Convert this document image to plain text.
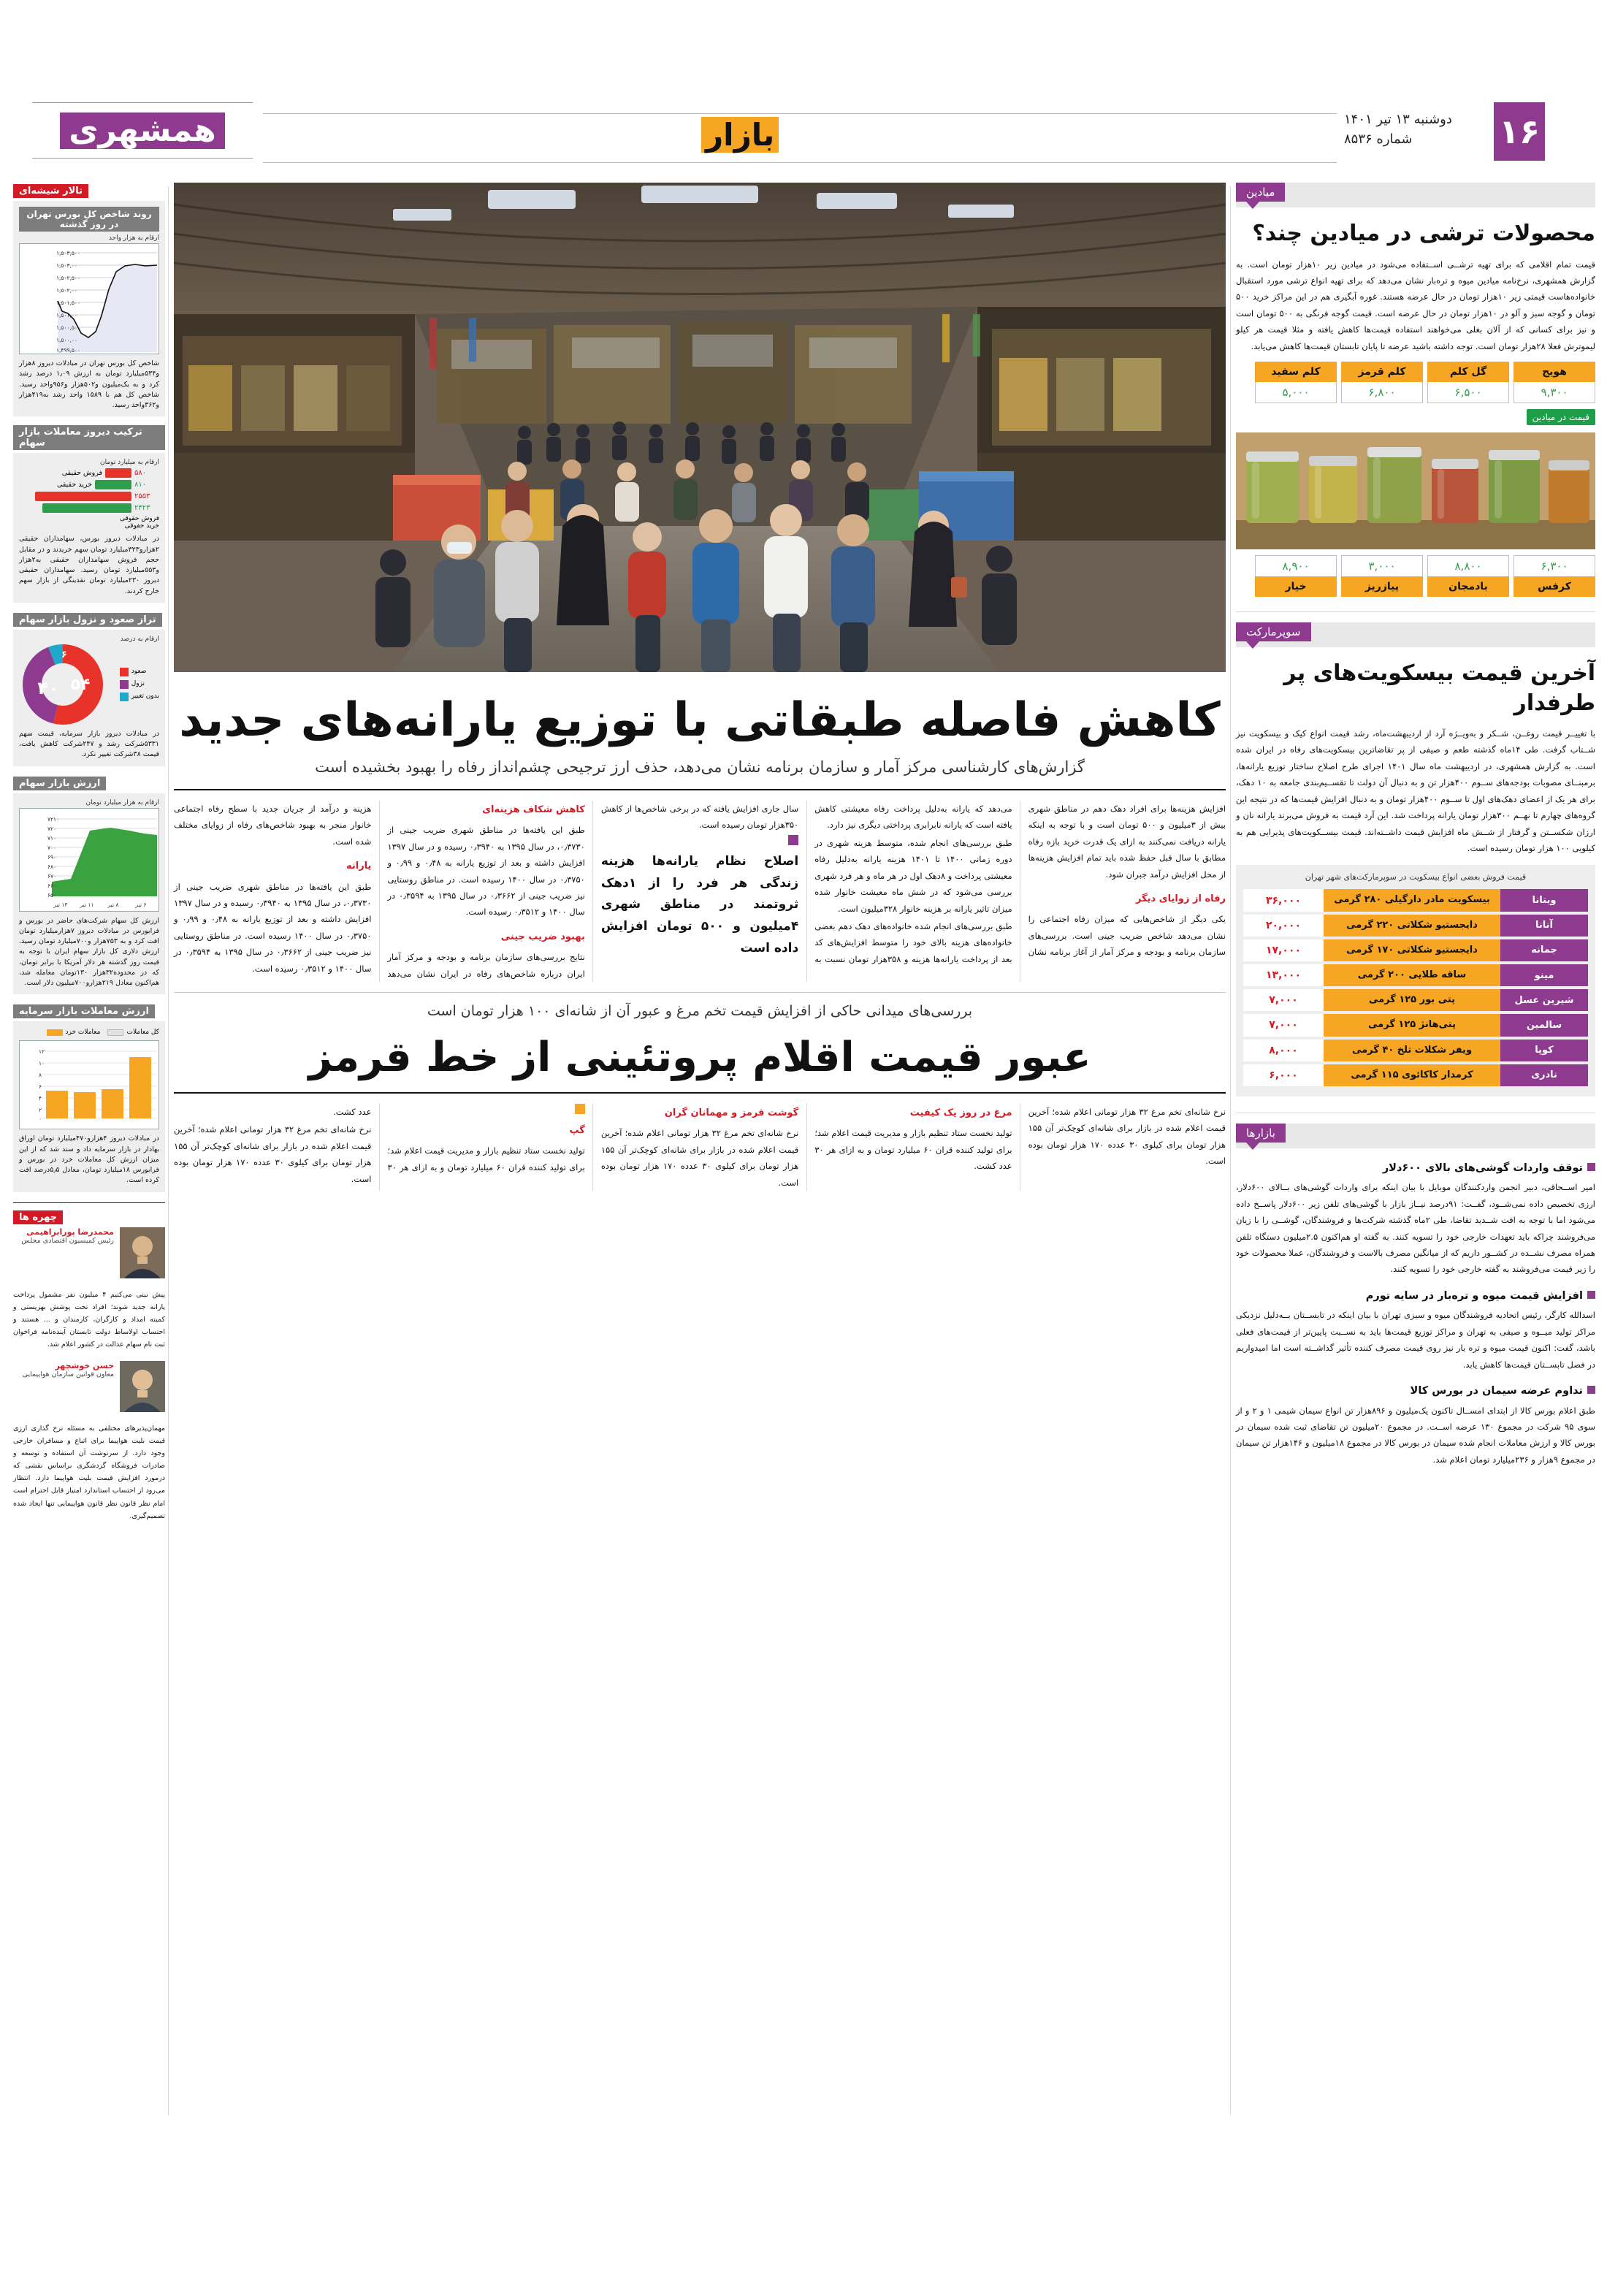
همشهری	بازار	دوشنبه ۱۳ تیر ۱۴۰۱
شماره ۸۵۳۶	۱۶
تالار شیشه‌ای
روند شاخص کل بورس تهران در روز گذشته
ارقام به هزار واحد
۱,۵۰۳,۵۰۰
۱,۵۰۳,۰۰
۱,۵۰۲,۵۰۰
۱,۵۰۲,۰۰
۱,۵۰۱,۵۰۰
۱,۵۰۱,۰۰
۱,۵۰۰,۵۰۰
۱,۵۰۰,۰۰
۱,۴۹۹,۵۰۰
شاخص کل بورس تهران در مبادلات دیروز ۸هزار و۵۳۴میلیارد تومان به ارزش ۱٫۰۹ درصد رشد کرد و به یک‌میلیون و۵۰۲هزار و۹۵۶واحد رسید. شاخص کل هم با ۱۵۸۹ واحد رشد به۴۱۹هزار و۳۶۲واحد رسید.
ترکیب دیروز معاملات بازار سهام
ارقام به میلیارد تومان
۵۸۰
فروش حقیقی
۸۱۰
خرید حقیقی
۲۵۵۳
۲۳۲۳
فروش حقوقی
خرید حقوقی
در مبادلات دیروز بورس، سهامداران حقیقی ۲هزارو۳۲۳میلیارد تومان سهم خریدند و در مقابل حجم فروش سهامداران حقیقی به۲هزار و۵۵۳میلیارد تومان رسید. سهامداران حقیقی دیروز ۲۳۰میلیارد تومان نقدینگی از بازار سهم خارج کردند.
تراز صعود و نزول بازار سهام
ارقام به درصد
صعود
نزول
بدون تغییر
۴۰ ۵۴
۶
در مبادلات دیروز بازار سرمایه، قیمت سهم ۵۳۳۱شرکت رشد و ۲۴۷شرکت کاهش یافت، قیمت ۳۸شرکت تغییر نکرد.
ارزش بازار سهام
ارقام به هزار میلیارد تومان
۷۲۱۰
۷۲۰
۷۱۰
۷۰۰
۶۹۰
۶۸۰
۶۷۰
۶۶۰
۶۵۰
۱۳ تیر ۱۱ تیر	۸ تیر	۶ تیر
ارزش کل سهام شرکت‌های حاضر در بورس و فرابورس در مبادلات دیروز ۷هزارمیلیارد تومان افت کرد و به ۷۵۳هزار و۷۰۰میلیارد تومان رسید. ارزش دلاری کل بازار سهام ایران با توجه به قیمت روز گذشته هر دلار آمریکا با برابر تومان، که در محدوده۳۲هزار ۱۳۰تومان معامله شد، هم‌اکنون معادل ۲۱۹هزارو۷۰۰میلیون دلار است.
ارزش معاملات بازار سرمایه
کل معاملات
معاملات خرد
۱۲
۱۰
۸
۶
۴
۲
۰
در مبادلات دیروز ۴هزارو۴۷۰میلیارد تومان اوراق بهادار در بازار سرمایه داد و ستد شد که از این میزان ارزش کل معاملات خرد در بورس و فرابورس ۱۸میلیارد تومان، معادل ۵٫۵درصد افت کرده است.
چهره ها
محمدرضا پورابراهیمی
رئیس کمیسیون اقتصادی مجلس
پیش بینی می‌کنیم ۴ میلیون نفر مشمول پرداخت یارانه جدید شوند؛ افراد تحت پوشش بهزیستی و کمیته امداد و کارگران، کارمندان و ... هستند و احتساب اولاساط دولت تابستان آینده‌نامه فراخوان ثبت نام سهام عدالت در کشور اعلام شد.
حسن خوشچهر
معاون قوانین سازمان هواپیمایی
مهمان‌پذیرهای مختلفی به مسئله نرخ گذاری ارزی قیمت بلیت هواپیما برای اتباع و مسافران خارجی وجود دارد. از سرنوشت آن استفاده و توسعه و صادرات فروشگاه گردشگری براساس نقشی که درمورد افزایش قیمت بلیت هواپیما دارد. انتظار می‌رود از احتساب استاندارد امتیاز قابل احترام است امام نظر قانون نظر قانون هواپیمایی تنها ایجاد شده تصمیم‌گیری.
کاهش فاصله طبقاتی با توزیع یارانه‌های جدید
گزارش‌های کارشناسی مرکز آمار و سازمان برنامه نشان می‌دهد، حذف ارز ترجیحی چشم‌انداز رفاه را بهبود بخشیده است

افزایش هزینه‌ها برای افراد دهک دهم در مناطق شهری بیش از ۳میلیون و ۵۰۰ تومان است و با توجه به اینکه یارانه دریافت نمی‌کنند به ازای یک قدرت خرید بازه رفاه مطابق با سال قبل حفظ شده باید تمام افزایش هزینه‌ها از محل افزایش درآمد جبران شود.

رفاه از زوایای دیگر

یکی دیگر از شاخص‌هایی که میزان رفاه اجتماعی را نشان می‌دهد شاخص ضریب جینی است. بررسی‌های سازمان برنامه و بودجه و مرکز آمار از آغاز برنامه نشان می‌دهد که یارانه به‌دلیل پرداخت رفاه معیشتی کاهش یافته است که یارانه نابرابری پرداختی دیگری نیز دارد.

طبق بررسی‌های انجام شده، متوسط هزینه شهری در دوره زمانی ۱۴۰۰ تا ۱۴۰۱ هزینه یارانه به‌دلیل رفاه معیشتی پرداخت و ۸دهک اول در هر ماه و هر فرد شهری بررسی می‌شود که در شش ماه معیشت خانوار شده میزان تاثیر یارانه بر هزینه خانوار ۳۲۸میلیون است.

طبق بررسی‌های انجام شده خانواده‌های دهک دهم بعضی خانواده‌های هزینه بالای خود را متوسط افزایش‌های کد بعد از پرداخت یارانه‌ها هزینه و ۳۵۸هزار تومان نسبت به سال جاری افزایش یافته که در برخی شاخص‌ها از کاهش ۳۵۰هزار تومان رسیده است.

اصلاح نظام یارانه‌ها هزینه زندگی هر فرد را از ۱دهک ثروتمند در مناطق شهری ۴میلیون و ۵۰۰ تومان افزایش داده است
کاهش شکاف هزینه‌ای

طبق این یافته‌ها در مناطق شهری ضریب جینی از ۰٫۳۷۳۰، در سال ۱۳۹۵ به ۰٫۳۹۴۰ رسیده و در سال ۱۳۹۷ افزایش داشته و بعد از توزیع یارانه به ۰٫۴۸ و ۰٫۹۹ و ۰٫۳۷۵۰ در سال ۱۴۰۰ رسیده است. در مناطق روستایی نیز ضریب جینی از ۰٫۳۶۶۲ در سال ۱۳۹۵ به ۰٫۳۵۹۴ در سال ۱۴۰۰ و ۰٫۳۵۱۲ رسیده است.

بهبود ضریب جینی

نتایج بررسی‌های سازمان برنامه و بودجه و مرکز آمار ایران درباره شاخص‌های رفاه در ایران نشان می‌دهد هزینه و درآمد از جریان جدید با سطح رفاه اجتماعی خانوار منجر به بهبود شاخص‌های رفاه از زوایای مختلف شده است.

یارانه

طبق این یافته‌ها در مناطق شهری ضریب جینی از ۰٫۳۷۳۰، در سال ۱۳۹۵ به ۰٫۳۹۴۰ رسیده و در سال ۱۳۹۷ افزایش داشته و بعد از توزیع یارانه به ۰٫۴۸ و ۰٫۹۹ و ۰٫۳۷۵۰ در سال ۱۴۰۰ رسیده است. در مناطق روستایی نیز ضریب جینی از ۰٫۳۶۶۲ در سال ۱۳۹۵ به ۰٫۳۵۹۴ در سال ۱۴۰۰ و ۰٫۳۵۱۲ رسیده است.

بررسی‌های میدانی حاکی از افزایش قیمت تخم مرغ و عبور آن از شانه‌ای ۱۰۰ هزار تومان است
عبور قیمت اقلام پروتئینی از خط قرمز

نرخ شانه‌ای تخم مرغ ۳۲ هزار تومانی اعلام شده؛ آخرین قیمت اعلام شده در بازار برای شانه‌ای کوچک‌تر آن ۱۵۵ هزار تومان برای کیلوی ۳۰ عدده ۱۷۰ هزار تومان بوده است.

مرغ در روز یک کیفیت

تولید نخست ستاد تنظیم بازار و مدیریت قیمت اعلام شد؛ برای تولید کننده قران ۶۰ میلیارد تومان و به ازای هر ۳۰ عدد کشت.

گوشت قرمز و مهمانان گران

نرخ شانه‌ای تخم مرغ ۳۲ هزار تومانی اعلام شده؛ آخرین قیمت اعلام شده در بازار برای شانه‌ای کوچک‌تر آن ۱۵۵ هزار تومان برای کیلوی ۳۰ عدده ۱۷۰ هزار تومان بوده است.

گپ

تولید نخست ستاد تنظیم بازار و مدیریت قیمت اعلام شد؛ برای تولید کننده قران ۶۰ میلیارد تومان و به ازای هر ۳۰ عدد کشت.

نرخ شانه‌ای تخم مرغ ۳۲ هزار تومانی اعلام شده؛ آخرین قیمت اعلام شده در بازار برای شانه‌ای کوچک‌تر آن ۱۵۵ هزار تومان برای کیلوی ۳۰ عدده ۱۷۰ هزار تومان بوده است.

میادین
محصولات ترشی در میادین چند؟
قیمت تمام اقلامی که برای تهیه ترشــی اســتفاده می‌شود در میادین زیر ۱۰هزار تومان است. به گزارش همشهری، نرخ‌نامه میادین میوه و تره‌بار نشان می‌دهد که برای تهیه انواع ترشی مورد استقبال خانواده‌هاست قیمتی زیر ۱۰هزار تومان در حال عرضه هستند. غوره آبگیری هم در این مراکز خرید ۵۰۰ تومان و گوجه سبز و آلو در ۱۰هزار تومان در حال عرضه است. قیمت گوجه فرنگی به ۵۰۰ تومان است و نیز برای کسانی که از آلان بغلی می‌خواهند استفاده قیمت‌ها کاهش یافته و مثلا قیمت هر کیلو لیموترش فعلا ۲۸هزار تومان است. توجه داشته باشید عرضه تا پایان تابستان قیمت‌ها کاهش می‌یابد.
هویج
۹,۳۰۰
گل کلم
۶,۵۰۰
کلم قرمز
۶,۸۰۰
کلم سفید
۵,۰۰۰
قیمت در میادین
۶,۳۰۰
کرفس
۸,۸۰۰
بادمجان
۳,۰۰۰
پیازریز
۸,۹۰۰
خیار
سوپرمارکت
آخرین قیمت بیسکویت‌های پر طرفدار
با تغییــر قیمت روغــن، شــکر و به‌ویــژه آرد از اردیبهشت‌ماه، رشد قیمت انواع کیک و بیسکویت نیز شــتاب گرفت. طی ۱۴ماه گذشته طعم و صیفی از پر تقاضاترین بیسکویت‌های رفاه در ایران شده است. به گزارش همشهری، در اردیبهشت ماه سال ۱۴۰۱ اجرای طرح اصلاح ساختار توزیع یارانه‌ها، برمبنــای مصوبات بودجه‌های ســوم ۴۰۰هزار تن و به دنبال آن دولت تا تقســیم‌بندی جامعه به ۱۰ دهک، برای هر یک از اعضای دهک‌های اول تا ســوم ۴۰۰هزار تومان و به دنبال افزایش قیمت‌ها که در نتیجه این گروه‌های چهارم تا نهــم ۳۰۰هزار تومان یارانه پرداخت شد. این آرد قیمت به فروش می‌برند یارانه نان و ارزان شکســتن و گرفتار از شــش ماه افزایش قیمت داشــته‌اند. قیمت بیســکویت‌های پذیرایی هم به کیلویی ۱۰۰ هزار تومان رسیده است.
قیمت فروش بعضی انواع بیسکویت در سوپرمارکت‌های شهر تهران
ویتانا	بیسکویت مادر دارگیلی ۲۸۰ گرمی	۳۶,۰۰۰
آنانا	دایجستیو شکلاتی ۲۲۰ گرمی	۲۰,۰۰۰
جمانه	دایجستیو شکلاتی ۱۷۰ گرمی	۱۷,۰۰۰
مینو	ساقه طلایی ۲۰۰ گرمی	۱۳,۰۰۰
شیرین عسل	پتی بور ۱۲۵ گرمی	۷,۰۰۰
سالمین	پتی‌هانژ ۱۲۵ گرمی	۷,۰۰۰
کوپا	ویفر شکلات تلخ ۴۰ گرمی	۸,۰۰۰
نادری	کرمدار کاکائوی ۱۱۵ گرمی	۶,۰۰۰
بازارها
توقف واردات گوشی‌های بالای ۶۰۰دلار
امیر اســحاقی، دبیر انجمن واردکنندگان موبایل با بیان اینکه برای واردات گوشی‌های بــالای ۶۰۰دلار، ارزی تخصیص داده نمی‌شــود، گفــت: ۹۱درصد نیــاز بازار با گوشی‌های تلفن زیر ۶۰۰دلار پاســخ داده می‌شود اما با توجه به افت شــدید تقاضا، طی ۲ماه گذشته شرکت‌ها و فروشندگان، گوشــی را با زیان می‌فروشند چراکه باید تعهدات خارجی خود را تسویه کنند. به گفته او هم‌اکنون ۲.۵میلیون دستگاه تلفن همراه مصرف نشــده در کشــور داریم که از میانگین مصرف بالاست و فروشندگان، عملا محصولات خود را زیر قیمت می‌فروشند به گفته خارجی خود را تسویه کنند.
افزایش قیمت میوه و تره‌بار در سایه تورم
اسدالله کارگر، رئیس اتحادیه فروشندگان میوه و سبزی تهران با بیان اینکه در تابســتان بــه‌دلیل نزدیکی مراکز تولید میــوه و صیفی به تهران و مراکز توزیع قیمت‌ها باید به نســبت پایین‌تر از قیمت‌های فعلی باشد، گفت: اکنون قیمت میوه و تره بار نیز روی قیمت مصرف کننده تأثیر گذاشــته است اما امیدواریم در فصل تابســتان قیمت‌ها کاهش یابد.
تداوم عرضه سیمان در بورس کالا
طبق اعلام بورس کالا از ابتدای امســال تاکنون یک‌میلیون و ۸۹۶هزار تن انواع سیمان شیمی ۱ و ۲ و از سوی ۹۵ شرکت در مجموع ۱۳۰ عرضه اســت. در مجموع ۲۰میلیون تن تقاضای ثبت شده سیمان در بورس کالا و ارزش معاملات انجام شده سیمان در بورس کالا در مجموع ۱۸میلیون و ۱۴۶هزار تن سیمان در مجموع ۹هزار و ۲۳۶میلیارد تومان اعلام شد.
